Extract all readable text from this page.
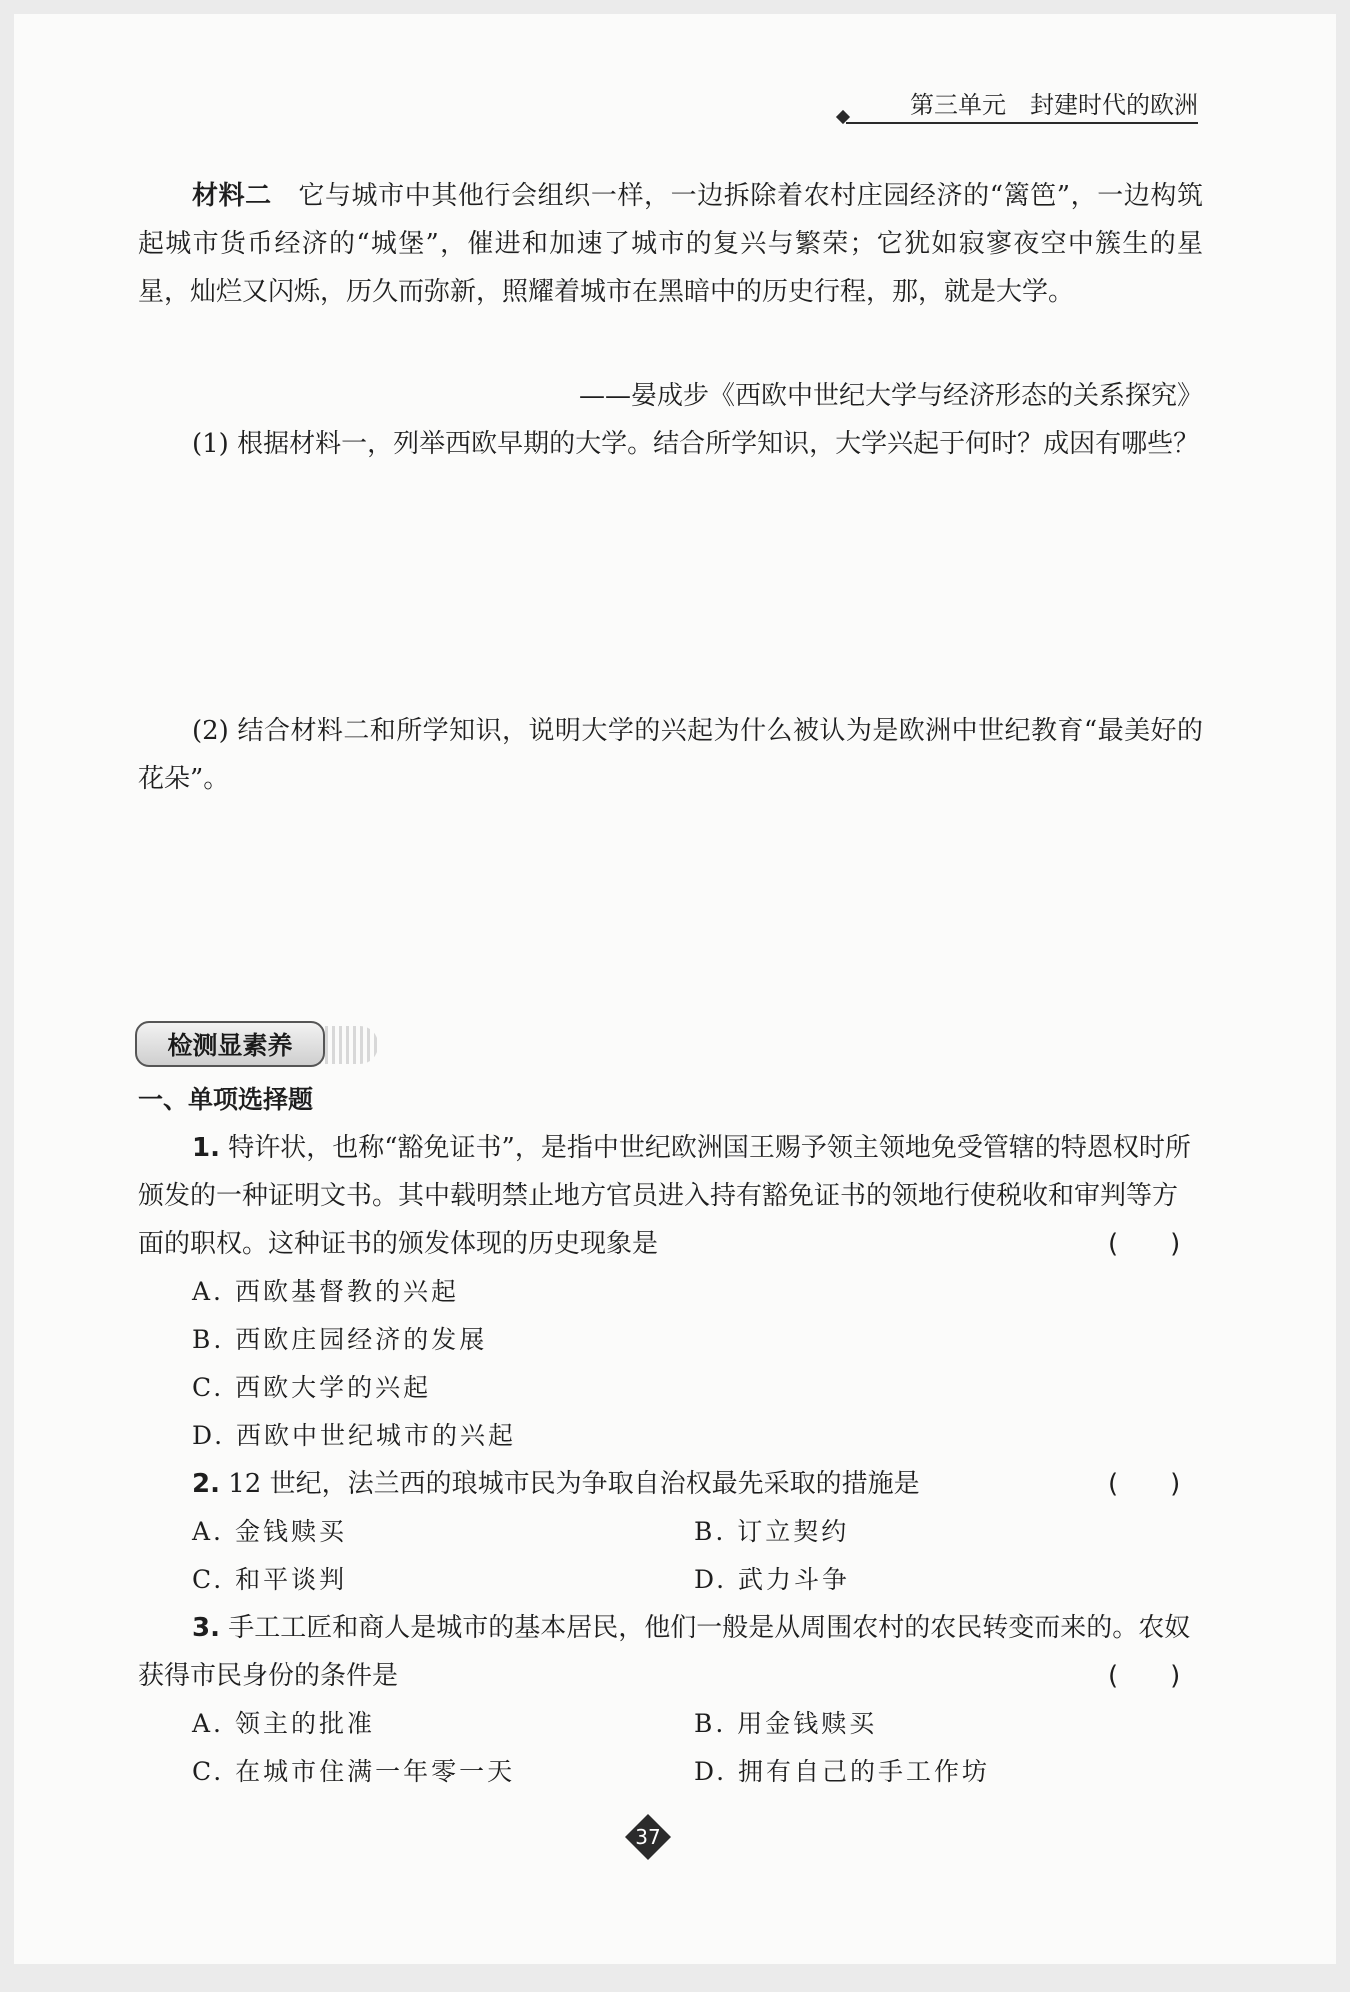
第三单元　封建时代的欧洲
材料二　它与城市中其他行会组织一样，一边拆除着农村庄园经济的“篱笆”，一边构筑起城市货币经济的“城堡”，催进和加速了城市的复兴与繁荣；它犹如寂寥夜空中簇生的星星，灿烂又闪烁，历久而弥新，照耀着城市在黑暗中的历史行程，那，就是大学。
——晏成步《西欧中世纪大学与经济形态的关系探究》
(1) 根据材料一，列举西欧早期的大学。结合所学知识，大学兴起于何时？成因有哪些？
(2) 结合材料二和所学知识，说明大学的兴起为什么被认为是欧洲中世纪教育“最美好的花朵”。
检测显素养
一、单项选择题
1. 特许状，也称“豁免证书”，是指中世纪欧洲国王赐予领主领地免受管辖的特恩权时所颁发的一种证明文书。其中载明禁止地方官员进入持有豁免证书的领地行使税收和审判等方面的职权。这种证书的颁发体现的历史现象是	(　　)
A. 西欧基督教的兴起
B. 西欧庄园经济的发展
C. 西欧大学的兴起
D. 西欧中世纪城市的兴起
2. 12 世纪，法兰西的琅城市民为争取自治权最先采取的措施是	(　　)
A. 金钱赎买	B. 订立契约
C. 和平谈判	D. 武力斗争
3. 手工工匠和商人是城市的基本居民，他们一般是从周围农村的农民转变而来的。农奴获得市民身份的条件是	(　　)
A. 领主的批准	B. 用金钱赎买
C. 在城市住满一年零一天	D. 拥有自己的手工作坊
37
